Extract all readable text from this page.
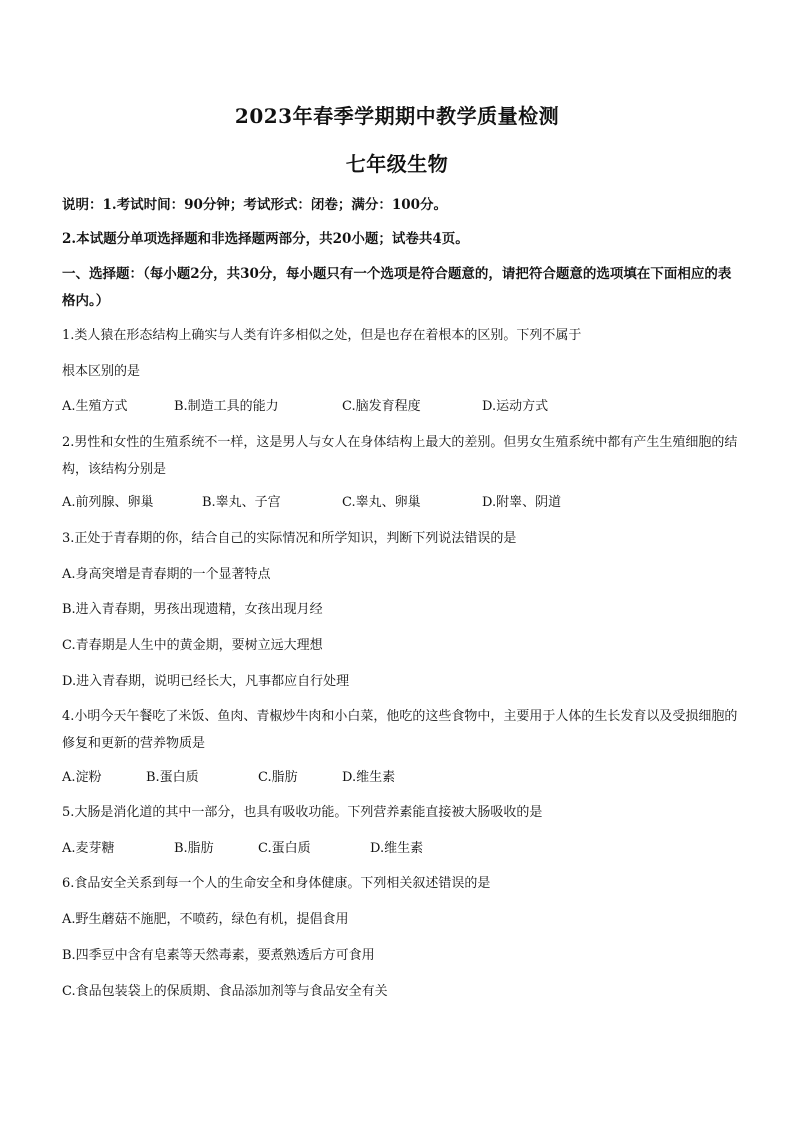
2023年春季学期期中教学质量检测
七年级生物
说明：1.考试时间：90分钟；考试形式：闭卷；满分：100分。
2.本试题分单项选择题和非选择题两部分，共20小题；试卷共4页。
一、选择题：（每小题2分，共30分，每小题只有一个选项是符合题意的，请把符合题意的选项填在下面相应的表格内。）
1.类人猿在形态结构上确实与人类有许多相似之处，但是也存在着根本的区别。下列不属于
根本区别的是
A.生殖方式	B.制造工具的能力	C.脑发育程度	D.运动方式
2.男性和女性的生殖系统不一样，这是男人与女人在身体结构上最大的差别。但男女生殖系统中都有产生生殖细胞的结构，该结构分别是
A.前列腺、卵巢	B.睾丸、子宫	C.睾丸、卵巢	D.附睾、阴道
3.正处于青春期的你，结合自己的实际情况和所学知识，判断下列说法错误的是
A.身高突增是青春期的一个显著特点
B.进入青春期，男孩出现遗精，女孩出现月经
C.青春期是人生中的黄金期，要树立远大理想
D.进入青春期，说明已经长大，凡事都应自行处理
4.小明今天午餐吃了米饭、鱼肉、青椒炒牛肉和小白菜，他吃的这些食物中，主要用于人体的生长发育以及受损细胞的修复和更新的营养物质是
A.淀粉	B.蛋白质	C.脂肪	D.维生素
5.大肠是消化道的其中一部分，也具有吸收功能。下列营养素能直接被大肠吸收的是
A.麦芽糖	B.脂肪	C.蛋白质	D.维生素
6.食品安全关系到每一个人的生命安全和身体健康。下列相关叙述错误的是
A.野生蘑菇不施肥，不喷药，绿色有机，提倡食用
B.四季豆中含有皂素等天然毒素，要煮熟透后方可食用
C.食品包装袋上的保质期、食品添加剂等与食品安全有关
